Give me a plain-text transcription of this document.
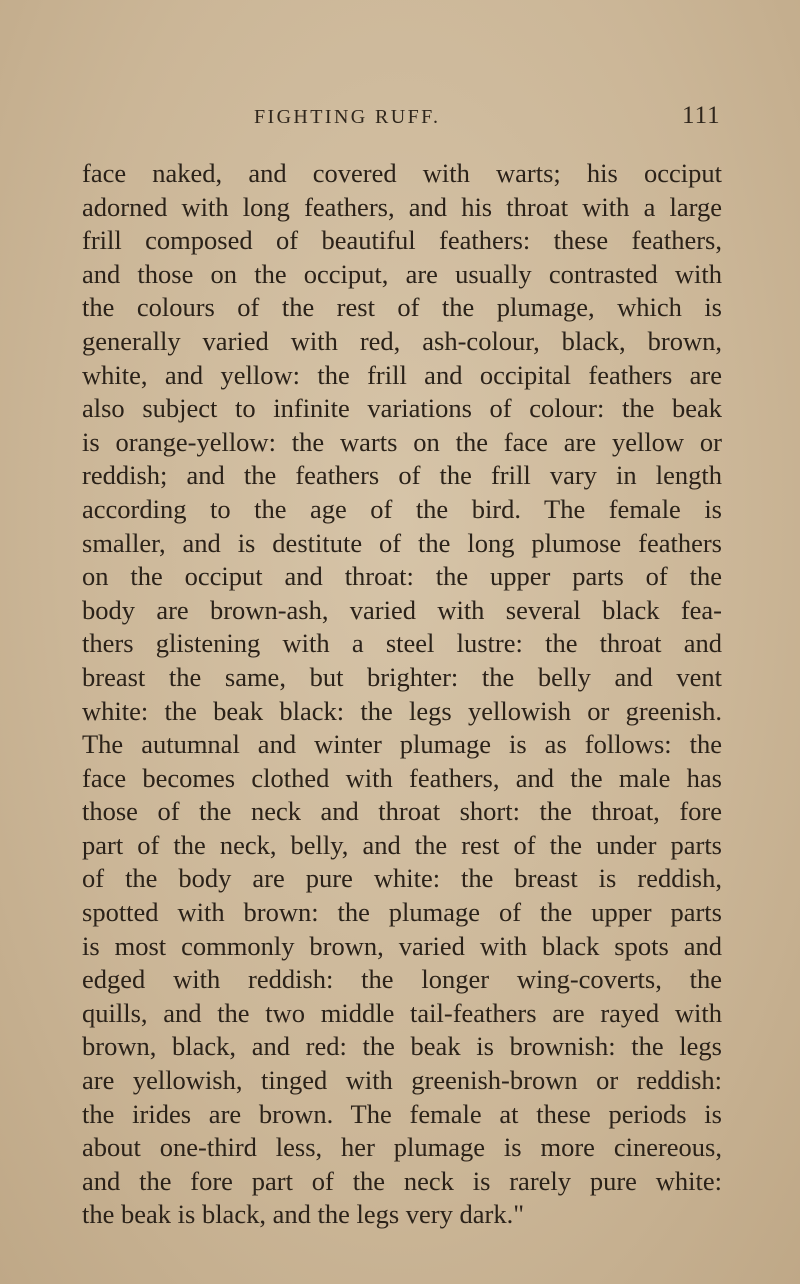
FIGHTING RUFF.	111
face naked, and covered with warts; his occiput
adorned with long feathers, and his throat with a large
frill composed of beautiful feathers: these feathers,
and those on the occiput, are usually contrasted with
the colours of the rest of the plumage, which is
generally varied with red, ash-colour, black, brown,
white, and yellow: the frill and occipital feathers are
also subject to infinite variations of colour: the beak
is orange-yellow: the warts on the face are yellow or
reddish; and the feathers of the frill vary in length
according to the age of the bird. The female is
smaller, and is destitute of the long plumose feathers
on the occiput and throat: the upper parts of the
body are brown-ash, varied with several black fea-
thers glistening with a steel lustre: the throat and
breast the same, but brighter: the belly and vent
white: the beak black: the legs yellowish or greenish.
The autumnal and winter plumage is as follows: the
face becomes clothed with feathers, and the male has
those of the neck and throat short: the throat, fore
part of the neck, belly, and the rest of the under parts
of the body are pure white: the breast is reddish,
spotted with brown: the plumage of the upper parts
is most commonly brown, varied with black spots and
edged with reddish: the longer wing-coverts, the
quills, and the two middle tail-feathers are rayed with
brown, black, and red: the beak is brownish: the legs
are yellowish, tinged with greenish-brown or reddish:
the irides are brown. The female at these periods is
about one-third less, her plumage is more cinereous,
and the fore part of the neck is rarely pure white:
the beak is black, and the legs very dark."
